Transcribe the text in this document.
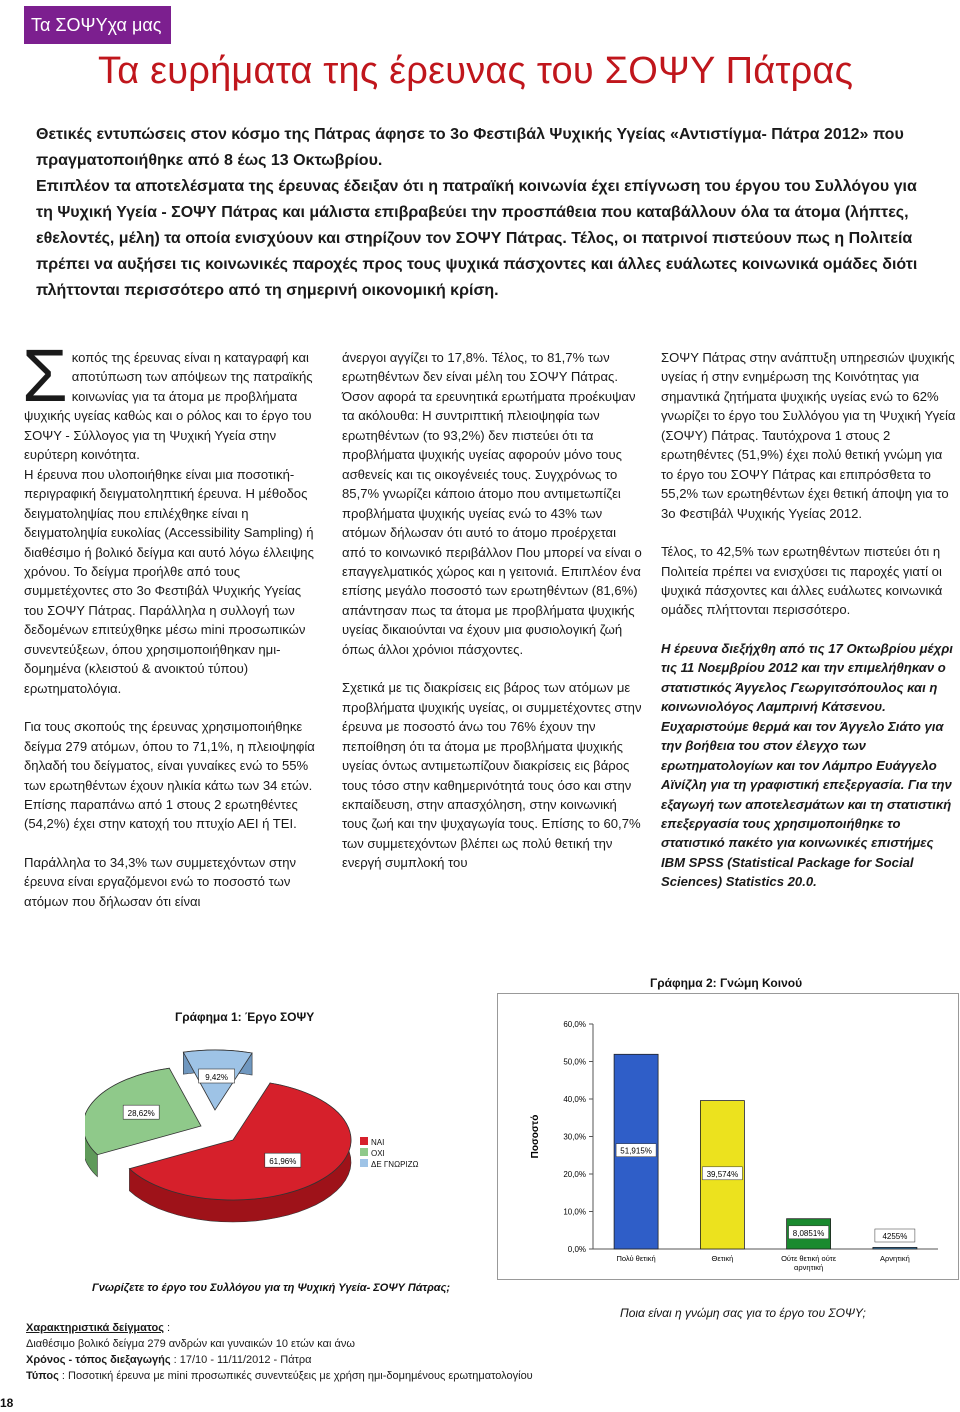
Τα ΣΟΨΥχα μας
Τα ευρήματα της έρευνας του ΣΟΨΥ Πάτρας

Θετικές εντυπώσεις στον κόσμο της Πάτρας άφησε το 3ο Φεστιβάλ Ψυχικής Υγείας «Αντιστίγμα- Πάτρα 2012» που πραγματοποιήθηκε από 8 έως 13 Οκτωβρίου.

Επιπλέον τα αποτελέσματα της έρευνας έδειξαν ότι η πατραϊκή κοινωνία έχει επίγνωση του έργου του Συλλόγου για τη Ψυχική Υγεία - ΣΟΨΥ Πάτρας και μάλιστα επιβραβεύει την προσπάθεια που καταβάλλουν όλα τα άτομα (λήπτες, εθελοντές, μέλη) τα οποία ενισχύουν και στηρίζουν τον ΣΟΨΥ Πάτρας. Τέλος, οι πατρινοί πιστεύουν πως η Πολιτεία πρέπει να αυξήσει τις κοινωνικές παροχές προς τους ψυχικά πάσχοντες και άλλες ευάλωτες κοινωνικά ομάδες διότι πλήττονται περισσότερο από τη σημερινή οικονομική κρίση.

Σ κοπός της έρευνας είναι η καταγραφή και αποτύπωση των απόψεων της πατραϊκής κοινωνίας για τα άτομα με προβλήματα ψυχικής υγείας καθώς και ο ρόλος και το έργο του ΣΟΨΥ - Σύλλογος για τη Ψυχική Υγεία στην ευρύτερη κοινότητα.

Η έρευνα που υλοποιήθηκε είναι μια ποσοτική- περιγραφική δειγματοληπτική έρευνα. Η μέθοδος δειγματοληψίας που επιλέχθηκε είναι η δειγματοληψία ευκολίας (Accessibility Sampling) ή διαθέσιμο ή βολικό δείγμα και αυτό λόγω έλλειψης χρόνου. Το δείγμα προήλθε από τους συμμετέχοντες στο 3ο Φεστιβάλ Ψυχικής Υγείας του ΣΟΨΥ Πάτρας. Παράλληλα η συλλογή των δεδομένων επιτεύχθηκε μέσω mini προσωπικών συνεντεύξεων, όπου χρησιμοποιήθηκαν ημι-δομημένα (κλειστού & ανοικτού τύπου) ερωτηματολόγια.

Για τους σκοπούς της έρευνας χρησιμοποιήθηκε δείγμα 279 ατόμων, όπου το 71,1%, η πλειοψηφία δηλαδή του δείγματος, είναι γυναίκες ενώ το 55% των ερωτηθέντων έχουν ηλικία κάτω των 34 ετών. Επίσης παραπάνω από 1 στους 2 ερωτηθέντες (54,2%) έχει στην κατοχή του πτυχίο ΑΕΙ ή ΤΕΙ.

Παράλληλα το 34,3% των συμμετεχόντων στην έρευνα είναι εργαζόμενοι ενώ το ποσοστό των ατόμων που δήλωσαν ότι είναι

άνεργοι αγγίζει το 17,8%. Τέλος, το 81,7% των ερωτηθέντων δεν είναι μέλη του ΣΟΨΥ Πάτρας.

Όσον αφορά τα ερευνητικά ερωτήματα προέκυψαν τα ακόλουθα: Η συντριπτική πλειοψηφία των ερωτηθέντων (το 93,2%) δεν πιστεύει ότι τα προβλήματα ψυχικής υγείας αφορούν μόνο τους ασθενείς και τις οικογένειές τους. Συγχρόνως το 85,7% γνωρίζει κάποιο άτομο που αντιμετωπίζει προβλήματα ψυχικής υγείας ενώ το 43% των ατόμων δήλωσαν ότι αυτό το άτομο προέρχεται από το κοινωνικό περιβάλλον Που μπορεί να είναι ο επαγγελματικός χώρος και η γειτονιά. Επιπλέον ένα επίσης μεγάλο ποσοστό των ερωτηθέντων (81,6%) απάντησαν πως τα άτομα με προβλήματα ψυχικής υγείας δικαιούνται να έχουν μια φυσιολογική ζωή όπως άλλοι χρόνιοι πάσχοντες.

Σχετικά με τις διακρίσεις εις βάρος των ατόμων με προβλήματα ψυχικής υγείας, οι συμμετέχοντες στην έρευνα με ποσοστό άνω του 76% έχουν την πεποίθηση ότι τα άτομα με προβλήματα ψυχικής υγείας όντως αντιμετωπίζουν διακρίσεις εις βάρος τους τόσο στην καθημερινότητά τους όσο και στην εκπαίδευση, στην απασχόληση, στην κοινωνική τους ζωή και την ψυχαγωγία τους. Επίσης το 60,7% των συμμετεχόντων βλέπει ως πολύ θετική την ενεργή συμπλοκή του

ΣΟΨΥ Πάτρας στην ανάπτυξη υπηρεσιών ψυχικής υγείας ή στην ενημέρωση της Κοινότητας για σημαντικά ζητήματα ψυχικής υγείας ενώ το 62% γνωρίζει το έργο του Συλλόγου για τη Ψυχική Υγεία (ΣΟΨΥ) Πάτρας. Ταυτόχρονα 1 στους 2 ερωτηθέντες (51,9%) έχει πολύ θετική γνώμη για το έργο του ΣΟΨΥ Πάτρας και επιπρόσθετα το 55,2% των ερωτηθέντων έχει θετική άποψη για το 3ο Φεστιβάλ Ψυχικής Υγείας 2012.

Τέλος, το 42,5% των ερωτηθέντων πιστεύει ότι η Πολιτεία πρέπει να ενισχύσει τις παροχές γιατί οι ψυχικά πάσχοντες και άλλες ευάλωτες κοινωνικά ομάδες πλήττονται περισσότερο.

Η έρευνα διεξήχθη από τις 17 Οκτωβρίου μέχρι τις 11 Νοεμβρίου 2012 και την επιμελήθηκαν ο στατιστικός Άγγελος Γεωργιτσόπουλος και η κοινωνιολόγος Λαμπρινή Κάτσενου. Ευχαριστούμε θερμά και τον Άγγελο Σιάτο για την βοήθεια του στον έλεγχο των ερωτηματολογίων και τον Λάμπρο Ευάγγελο Αϊνίζλη για τη γραφιστική επεξεργασία. Για την εξαγωγή των αποτελεσμάτων και τη στατιστική επεξεργασία τους χρησιμοποιήθηκε το στατιστικό πακέτο για κοινωνικές επιστήμες IBM SPSS (Statistical Package for Social Sciences) Statistics 20.0.

Γράφημα 1: Έργο ΣΟΨΥ
61,96%
28,62%
9,42%
ΝΑΙ
ΟΧΙ
ΔΕ ΓΝΩΡΙΖΩ
Γνωρίζετε το έργο του Συλλόγου για τη Ψυχική Υγεία- ΣΟΨΥ Πάτρας;
Γράφημα 2: Γνώμη Κοινού
0,0%
10,0%
20,0%
30,0%
40,0%
50,0%
60,0%
Ποσοστό	51,915%
Πολύ θετική
39,574%
Θετική
8,0851%
Ούτε θετική ούτε
αρνητική
4255%
Αρνητική
Ποια είναι η γνώμη σας για το έργο του ΣΟΨΥ;

Χαρακτηριστικά δείγματος :

Διαθέσιμο βολικό δείγμα 279 ανδρών και γυναικών 10 ετών και άνω

Χρόνος - τόπος διεξαγωγής : 17/10 - 11/11/2012 - Πάτρα

Τύπος : Ποσοτική έρευνα με mini προσωπικές συνεντεύξεις με χρήση ημι-δομημένους ερωτηματολογίου

18
